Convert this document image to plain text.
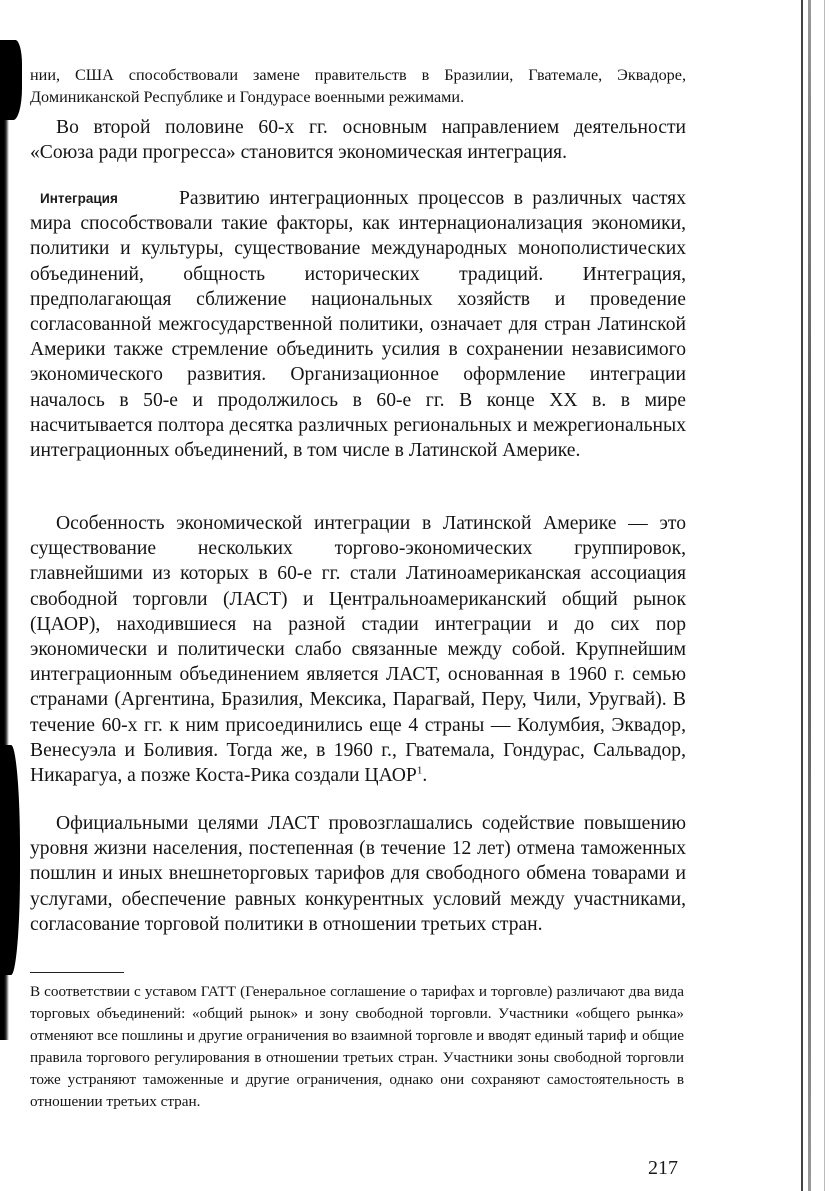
нии, США способствовали замене правительств в Бразилии, Гватемале, Эквадоре, Доминиканской Республике и Гондурасе военными режимами.

Во второй половине 60-х гг. основным направлением деятельности «Союза ради прогресса» становится экономическая интеграция.

Интеграция	Развитию интеграционных процессов в различных частях мира способствовали такие факторы, как интернационализация экономики, политики и культуры, существование международных монополистических объединений, общность исторических традиций. Интеграция, предполагающая сближение национальных хозяйств и проведение согласованной межгосударственной политики, означает для стран Латинской Америки также стремление объединить усилия в сохранении независимого экономического развития. Организационное оформление интеграции началось в 50-е и продолжилось в 60-е гг. В конце XX в. в мире насчитывается полтора десятка различных региональных и межрегиональных интеграционных объединений, в том числе в Латинской Америке.

Особенность экономической интеграции в Латинской Америке — это существование нескольких торгово-экономических группировок, главнейшими из которых в 60-е гг. стали Латиноамериканская ассоциация свободной торговли (ЛАСТ) и Центральноамериканский общий рынок (ЦАОР), находившиеся на разной стадии интеграции и до сих пор экономически и политически слабо связанные между собой. Крупнейшим интеграционным объединением является ЛАСТ, основанная в 1960 г. семью странами (Аргентина, Бразилия, Мексика, Парагвай, Перу, Чили, Уругвай). В течение 60-х гг. к ним присоединились еще 4 страны — Колумбия, Эквадор, Венесуэла и Боливия. Тогда же, в 1960 г., Гватемала, Гондурас, Сальвадор, Никарагуа, а позже Коста-Рика создали ЦАОР$^1$.

Официальными целями ЛАСТ провозглашались содействие повышению уровня жизни населения, постепенная (в течение 12 лет) отмена таможенных пошлин и иных внешнеторговых тарифов для свободного обмена товарами и услугами, обеспечение равных конкурентных условий между участниками, согласование торговой политики в отношении третьих стран.

В соответствии с уставом ГАТТ (Генеральное соглашение о тарифах и торговле) различают два вида торговых объединений: «общий рынок» и зону свободной торговли. Участники «общего рынка» отменяют все пошлины и другие ограничения во взаимной торговле и вводят единый тариф и общие правила торгового регулирования в отношении третьих стран. Участники зоны свободной торговли тоже устраняют таможенные и другие ограничения, однако они сохраняют самостоятельность в отношении третьих стран.
217
